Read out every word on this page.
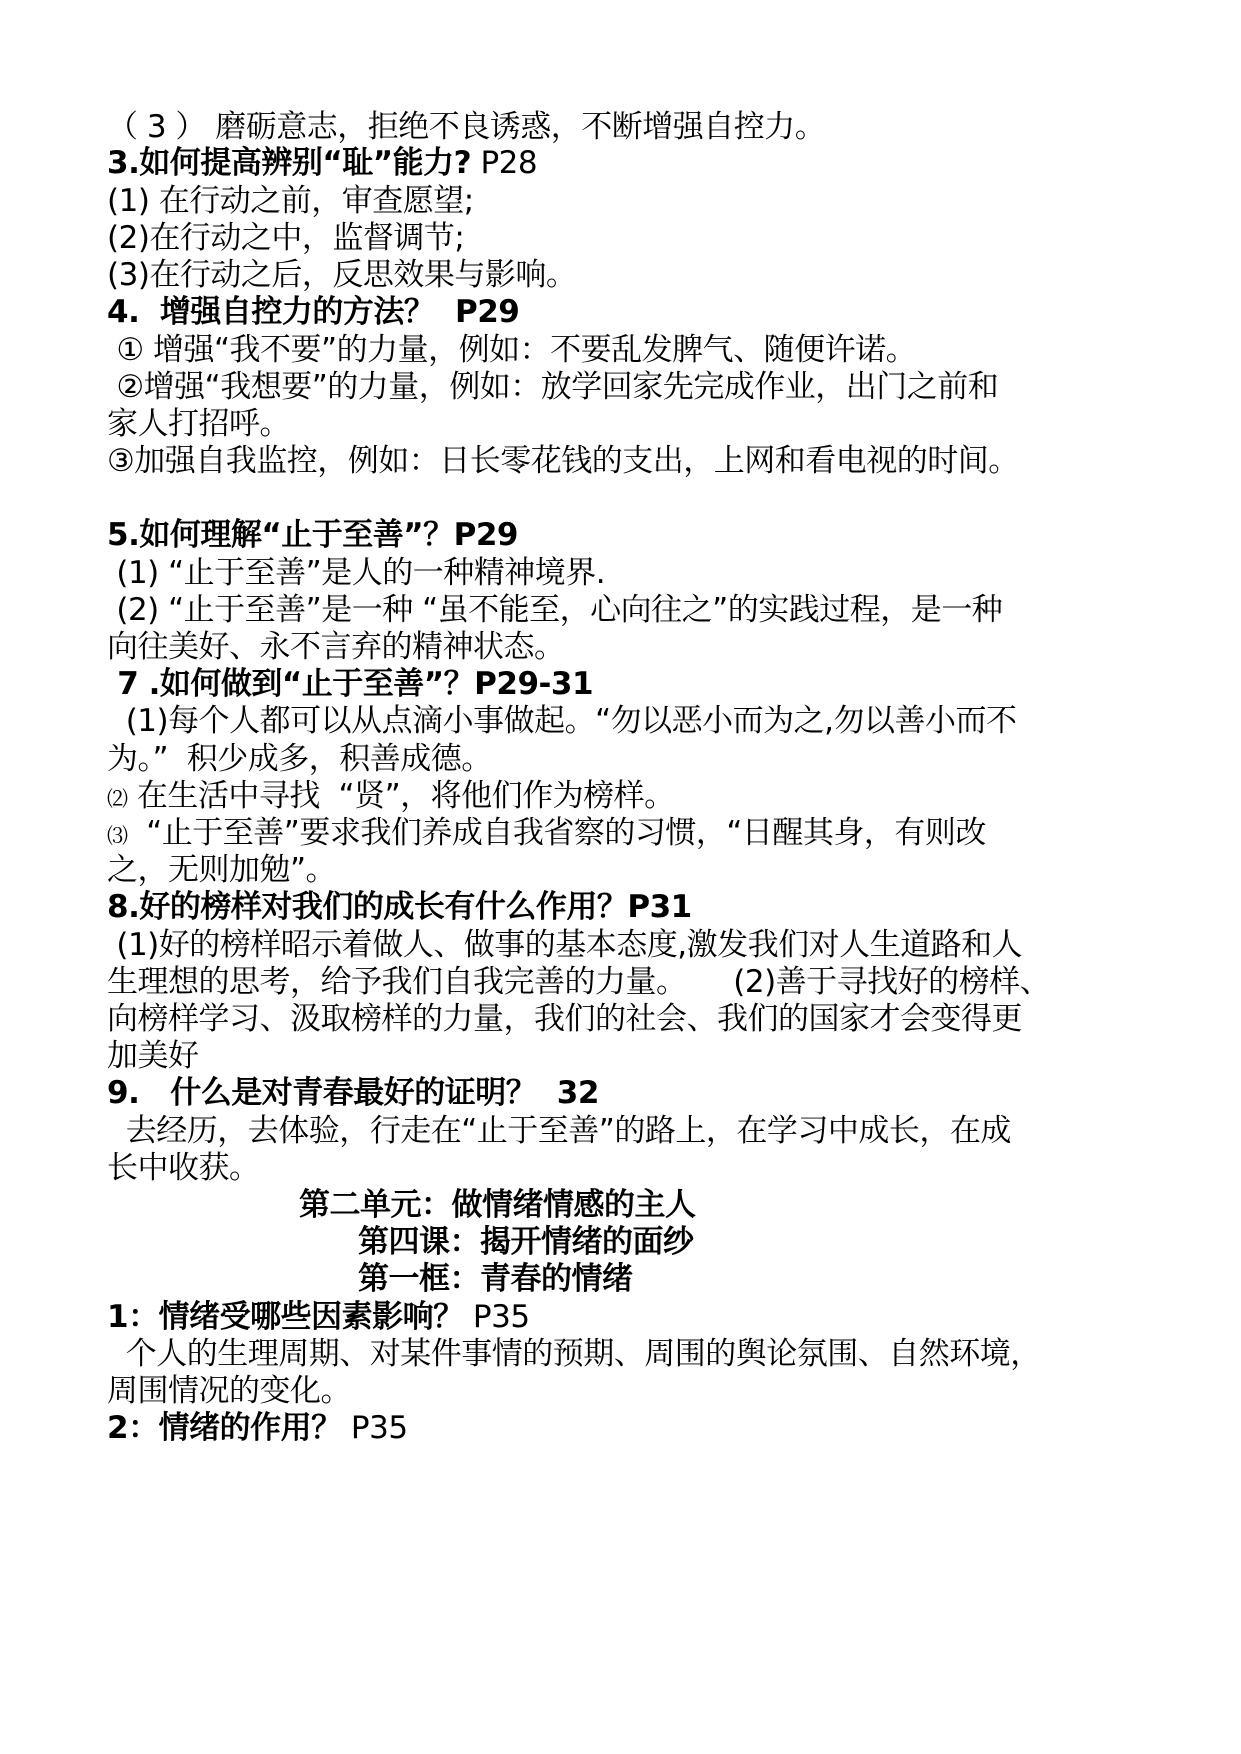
（ 3 ） 磨砺意志，拒绝不良诱惑，不断增强自控力。
3.如何提高辨别“耻”能力? P28
(1) 在行动之前，审查愿望;
(2)在行动之中，监督调节;
(3)在行动之后，反思效果与影响。
4.  增强自控力的方法？  P29
① 增强“我不要”的力量，例如：不要乱发脾气、随便许诺。
②增强“我想要”的力量，例如：放学回家先完成作业，出门之前和
家人打招呼。
③加强自我监控，例如：日长零花钱的支出，上网和看电视的时间。
5.如何理解“止于至善”？P29
(1) “止于至善”是人的一种精神境界.
(2) “止于至善”是一种 “虽不能至，心向往之”的实践过程，是一种
向往美好、永不言弃的精神状态。
7 .如何做到“止于至善”？P29-31
(1)每个人都可以从点滴小事做起。“勿以恶小而为之,勿以善小而不
为。”  积少成多，积善成德。
⑵ 在生活中寻找  “贤”，将他们作为榜样。
⑶  “止于至善”要求我们养成自我省察的习惯，“日醒其身，有则改
之，无则加勉”。
8.好的榜样对我们的成长有什么作用？P31
(1)好的榜样昭示着做人、做事的基本态度,激发我们对人生道路和人
生理想的思考，给予我们自我完善的力量。     (2)善于寻找好的榜样、
向榜样学习、汲取榜样的力量，我们的社会、我们的国家才会变得更
加美好
9.   什么是对青春最好的证明？  32
去经历，去体验，行走在“止于至善”的路上，在学习中成长，在成
长中收获。
第二单元：做情绪情感的主人
第四课：揭开情绪的面纱
第一框：青春的情绪
1：情绪受哪些因素影响？ P35
个人的生理周期、对某件事情的预期、周围的舆论氛围、自然环境，
周围情况的变化。
2：情绪的作用？ P35
